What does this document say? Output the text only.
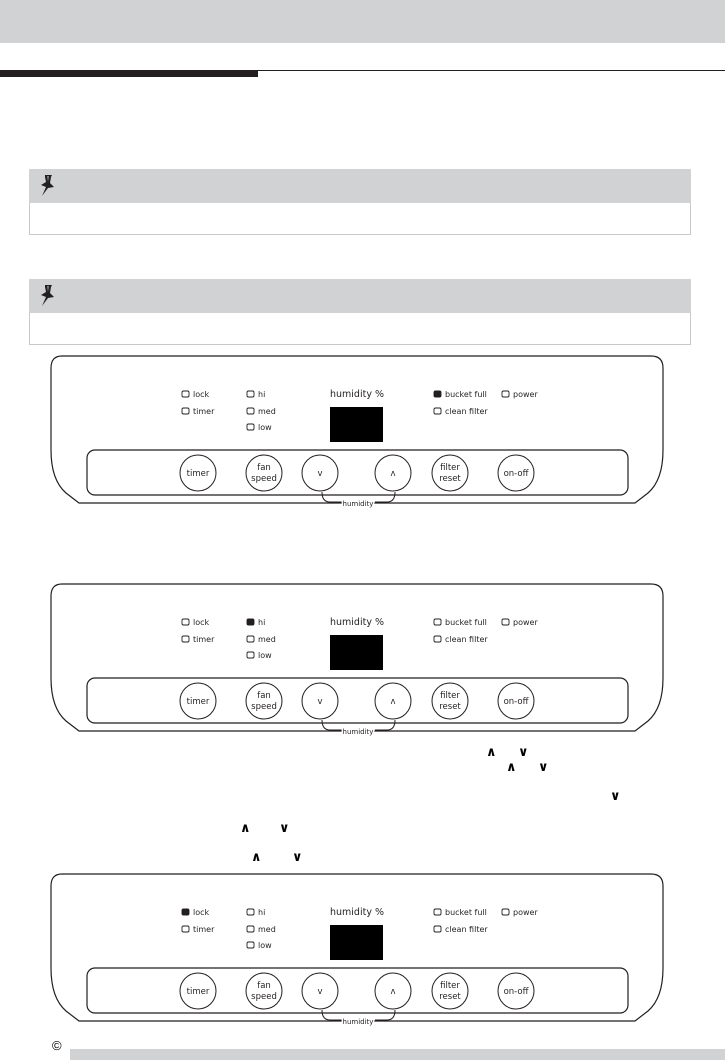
lock
timer
hi
med
low
bucket full
clean filter
power
humidity %
timer
fan
speed	v	ʌ
filter
reset	on-off
humidity
lock
timer
hi
med
low
bucket full
clean filter
power
humidity %
timer
fan
speed	v	ʌ
filter
reset	on-off
humidity
lock
timer
hi
med
low
bucket full
clean filter
power
humidity %
timer
fan
speed	v	ʌ
filter
reset	on-off
humidity
∧ ∨
∧ ∨
∨
∧ ∨
∧ ∨
©
